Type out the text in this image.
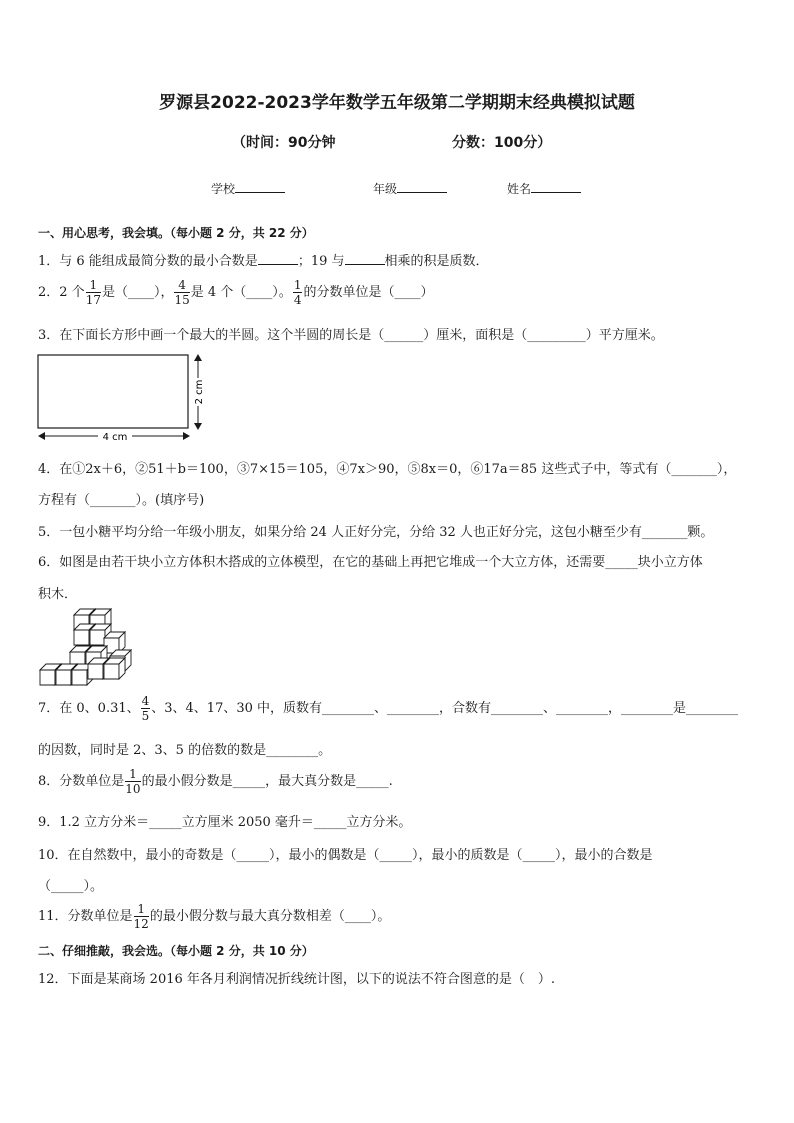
罗源县2022-2023学年数学五年级第二学期期末经典模拟试题
（时间：90分钟	分数：100分）
学校	年级	姓名
一、用心思考，我会填。（每小题 2 分，共 22 分）
1．与 6 能组成最简分数的最小合数是	；19 与	相乘的积是质数．
2．2 个 $\frac{1}{17}$ 是（____）， $\frac{4}{15}$ 是 4 个（____）。 $\frac{1}{4}$ 的分数单位是（____）
3．在下面长方形中画一个最大的半圆。这个半圆的周长是（______）厘米，面积是（_________）平方厘米。
2 cm
4 cm
4．在①2x＋6，②51＋b＝100，③7×15＝105，④7x＞90，⑤8x＝0，⑥17a＝85 这些式子中，等式有（_______），
方程有（_______）。(填序号)
5．一包小糖平均分给一年级小朋友，如果分给 24 人正好分完，分给 32 人也正好分完，这包小糖至少有_______颗。
6．如图是由若干块小立方体积木搭成的立体模型，在它的基础上再把它堆成一个大立方体，还需要_____块小立方体
积木．
7．在 0、0.31、 $\frac{4}{5}$ 、3、4、17、30 中，质数有________、________，合数有________、________，________是________
的因数，同时是 2、3、5 的倍数的数是________。
8．分数单位是 $\frac{1}{10}$ 的最小假分数是_____，最大真分数是_____.
9．1.2 立方分米＝_____立方厘米 2050 毫升＝_____立方分米。
10．在自然数中，最小的奇数是（_____），最小的偶数是（_____），最小的质数是（_____），最小的合数是
（_____）。
11．分数单位是 $\frac{1}{12}$ 的最小假分数与最大真分数相差（____）。
二、仔细推敲，我会选。（每小题 2 分，共 10 分）
12．下面是某商场 2016 年各月利润情况折线统计图，以下的说法不符合图意的是（　）.
